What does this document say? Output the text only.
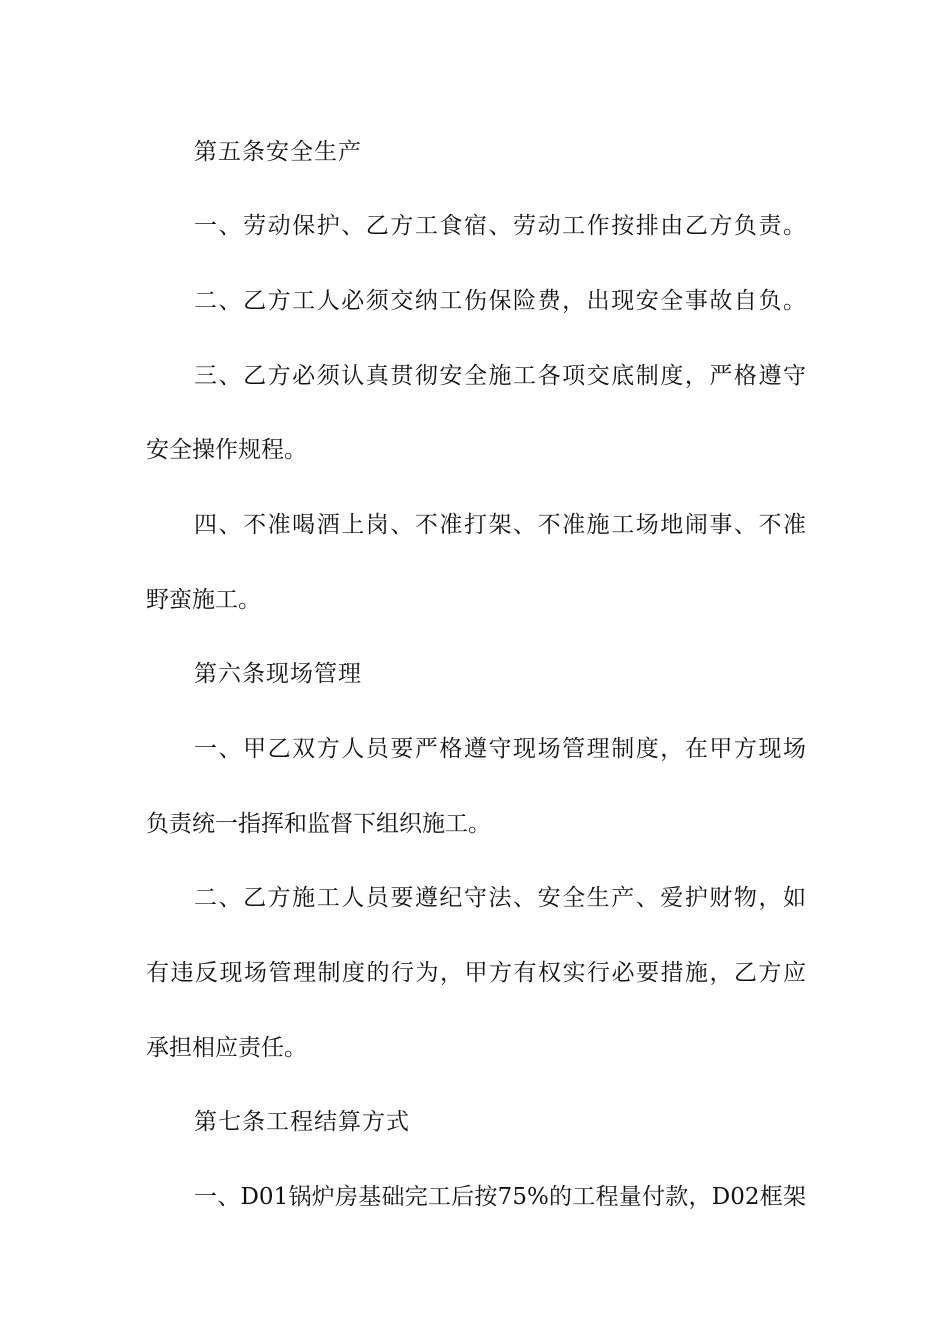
第五条安全生产
一、劳动保护、乙方工食宿、劳动工作按排由乙方负责。
二、乙方工人必须交纳工伤保险费，出现安全事故自负。
三、乙方必须认真贯彻安全施工各项交底制度，严格遵守
安全操作规程。
四、不准喝酒上岗、不准打架、不准施工场地闹事、不准
野蛮施工。
第六条现场管理
一、甲乙双方人员要严格遵守现场管理制度，在甲方现场
负责统一指挥和监督下组织施工。
二、乙方施工人员要遵纪守法、安全生产、爱护财物，如
有违反现场管理制度的行为，甲方有权实行必要措施，乙方应
承担相应责任。
第七条工程结算方式
一、D01锅炉房基础完工后按75%的工程量付款，D02框架
